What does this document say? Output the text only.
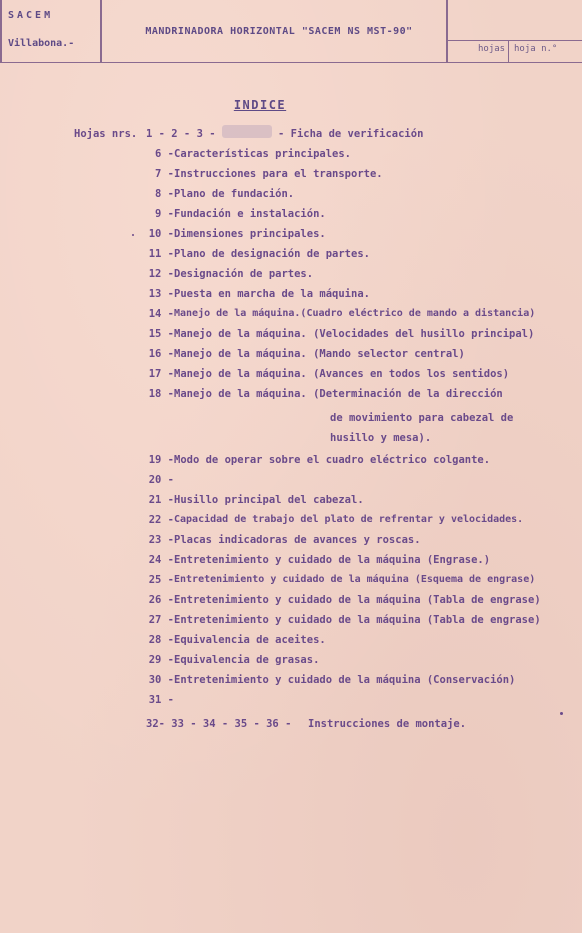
SACEM
Villabona.-
MANDRINADORA HORIZONTAL "SACEM NS MST-90"
hojas hoja n.°
INDICE
Hojas nrs. 1 - 2 - 3 -	- Ficha de verificación
6 - Características principales.
7 - Instrucciones para el transporte.
8 - Plano de fundación.
9 - Fundación e instalación.
10 - Dimensiones principales.
11 - Plano de designación de partes.
12 - Designación de partes.
13 - Puesta en marcha de la máquina.
14 - Manejo de la máquina.(Cuadro eléctrico de mando a distancia)
15 - Manejo de la máquina. (Velocidades del husillo principal)
16 - Manejo de la máquina. (Mando selector central)
17 - Manejo de la máquina. (Avances en todos los sentidos)
18 - Manejo de la máquina. (Determinación de la dirección
de movimiento para cabezal de
husillo y mesa).
19 - Modo de operar sobre el cuadro eléctrico colgante.
20 -
21 - Husillo principal del cabezal.
22 - Capacidad de trabajo del plato de refrentar y velocidades.
23 - Placas indicadoras de avances y roscas.
24 - Entretenimiento y cuidado de la máquina (Engrase.)
25 - Entretenimiento y cuidado de la máquina (Esquema de engrase)
26 - Entretenimiento y cuidado de la máquina (Tabla de engrase)
27 - Entretenimiento y cuidado de la máquina (Tabla de engrase)
28 - Equivalencia de aceites.
29 - Equivalencia de grasas.
30 - Entretenimiento y cuidado de la máquina (Conservación)
31 -
32- 33 - 34 - 35 - 36 - Instrucciones de montaje.
